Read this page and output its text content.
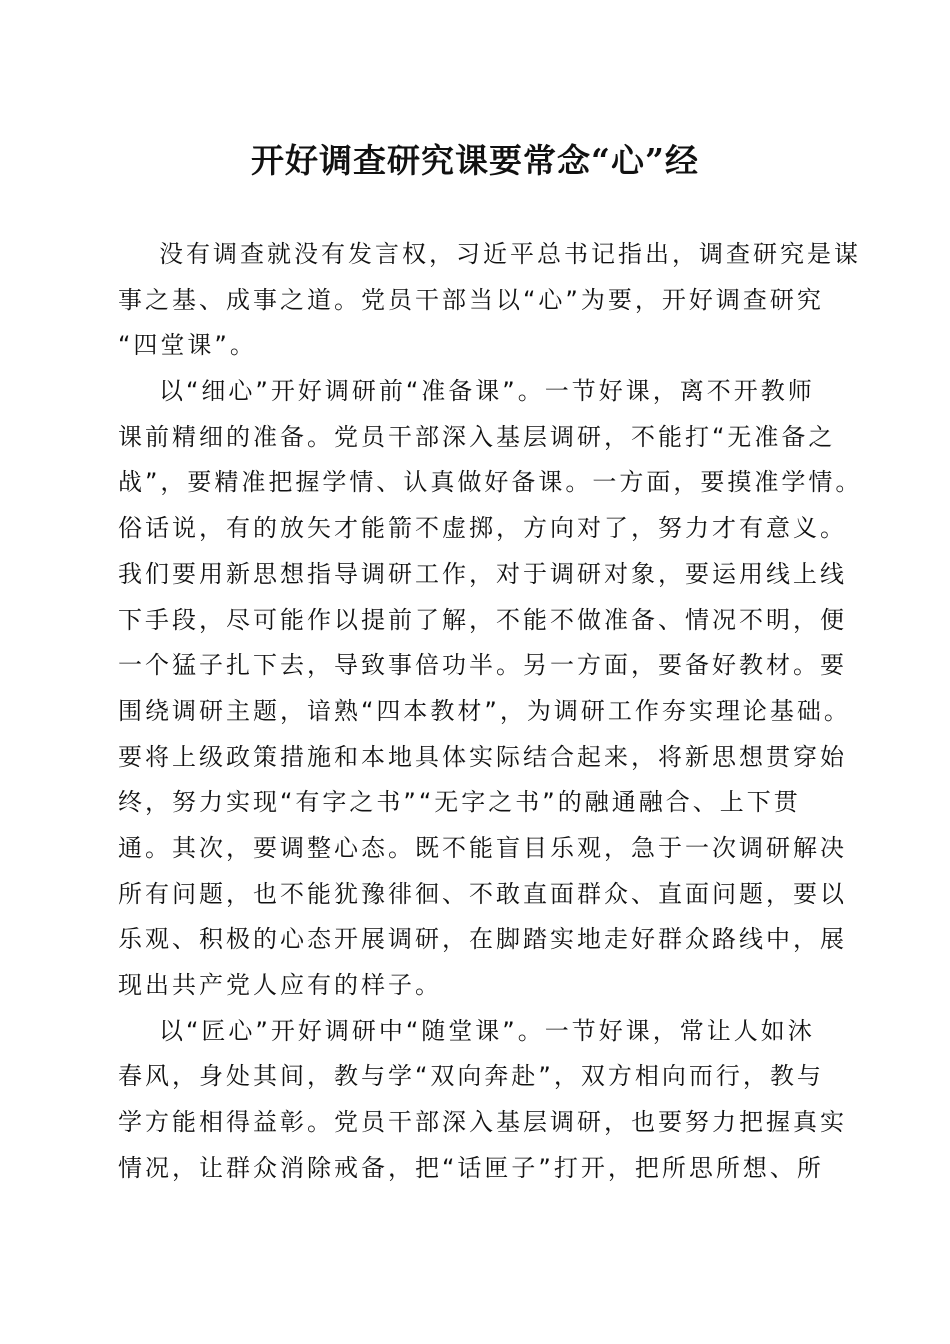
开好调查研究课要常念“心”经
没有调查就没有发言权，习近平总书记指出，调查研究是谋
事之基、成事之道。党员干部当以“心”为要，开好调查研究
“四堂课”。
以“细心”开好调研前“准备课”。一节好课，离不开教师
课前精细的准备。党员干部深入基层调研，不能打“无准备之
战”，要精准把握学情、认真做好备课。一方面，要摸准学情。
俗话说，有的放矢才能箭不虚掷，方向对了，努力才有意义。
我们要用新思想指导调研工作，对于调研对象，要运用线上线
下手段，尽可能作以提前了解，不能不做准备、情况不明，便
一个猛子扎下去，导致事倍功半。另一方面，要备好教材。要
围绕调研主题，谙熟“四本教材”，为调研工作夯实理论基础。
要将上级政策措施和本地具体实际结合起来，将新思想贯穿始
终，努力实现“有字之书”“无字之书”的融通融合、上下贯
通。其次，要调整心态。既不能盲目乐观，急于一次调研解决
所有问题，也不能犹豫徘徊、不敢直面群众、直面问题，要以
乐观、积极的心态开展调研，在脚踏实地走好群众路线中，展
现出共产党人应有的样子。
以“匠心”开好调研中“随堂课”。一节好课，常让人如沐
春风，身处其间，教与学“双向奔赴”，双方相向而行，教与
学方能相得益彰。党员干部深入基层调研，也要努力把握真实
情况，让群众消除戒备，把“话匣子”打开，把所思所想、所
